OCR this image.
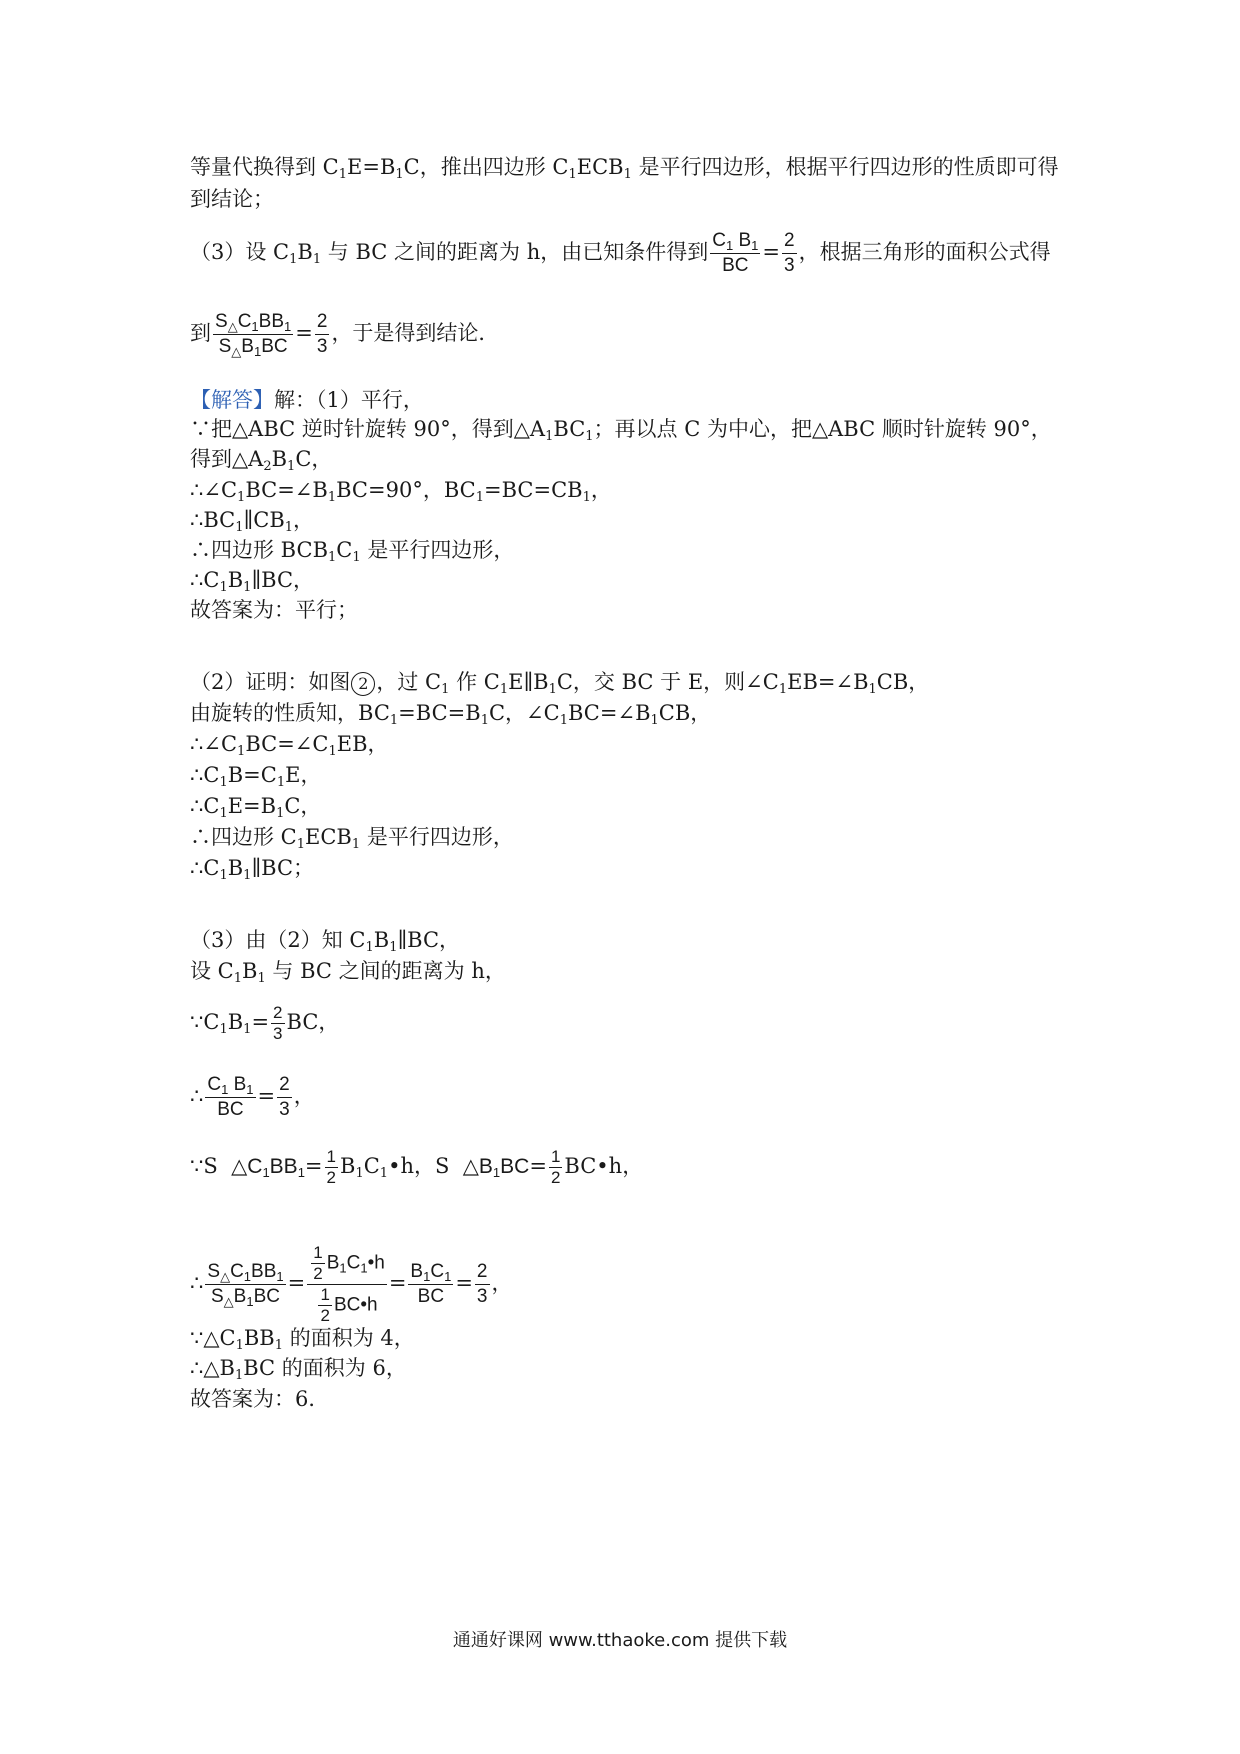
等量代换得到 $C_1E=B_1C$，推出四边形 $C_1ECB_1$ 是平行四边形，根据平行四边形的性质即可得
到结论；
（3）设 $C_1B_1$ 与 BC 之间的距离为 h，由已知条件得到 $\frac{C_1 B_1}{BC} = \frac{2}{3}$ ，根据三角形的面积公式得
到 $\frac{S_\triangle C_1BB_1}{S_\triangle B_1BC} = \frac{2}{3}$ ，于是得到结论．
【解答】解：（1）平行，
∵把△ABC 逆时针旋转 90°，得到$\triangle A_1BC_1$；再以点 C 为中心，把△ABC 顺时针旋转 90°，
得到$\triangle A_2B_1C$，
$\therefore\angle C_1BC=\angle B_1BC=90^\circ$，$BC_1=BC=CB_1$，
$\therefore BC_1\parallel CB_1$，
∴四边形 $BCB_1C_1$ 是平行四边形，
$\therefore C_1B_1\parallel BC$，
故答案为：平行；
（2）证明：如图 2 ，过 $C_1$ 作 $C_1E\parallel B_1C$，交 BC 于 E，则$\angle C_1EB=\angle B_1CB$，
由旋转的性质知，$BC_1=BC=B_1C$，$\angle C_1BC=\angle B_1CB$，
$\therefore\angle C_1BC=\angle C_1EB$，
$\therefore C_1B=C_1E$，
$\therefore C_1E=B_1C$，
∴四边形 $C_1ECB_1$ 是平行四边形，
$\therefore C_1B_1\parallel BC$；
（3）由（2）知 $C_1B_1\parallel BC$，
设 $C_1B_1$ 与 BC 之间的距离为 h，
$\because C_1B_1= \frac{2}{3}$ BC，
∴ $\frac{C_1 B_1}{BC} = \frac{2}{3}$ ，
∵S  $\triangle C_1BB_1= \frac{1}{2}$ $B_1C_1•h$，S  $\triangle B_1BC= \frac{1}{2}$ BC•h，
∴ $\frac{S_\triangle C_1BB_1}{S_\triangle B_1BC} = \frac{\frac{1}{2} B_1C_1•h}{\frac{1}{2} BC•h} = \frac{B_1C_1}{BC} = \frac{2}{3}$ ，
$\because\triangle C_1BB_1$ 的面积为 4，
$\therefore\triangle B_1BC$ 的面积为 6，
故答案为：6．
通通好课网 www.tthaoke.com 提供下载
